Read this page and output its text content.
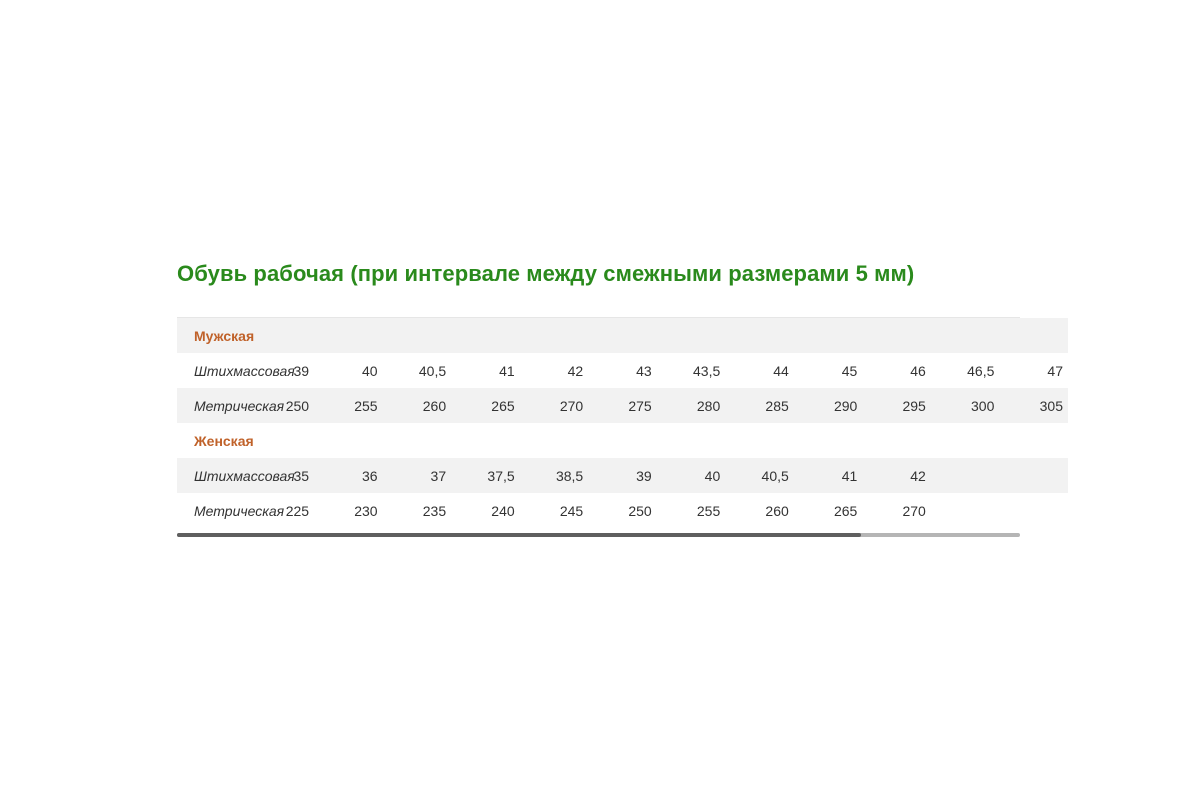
Обувь рабочая (при интервале между смежными размерами 5 мм)
Мужская												
Штихмассовая	39	40	40,5	41	42	43	43,5	44	45	46	46,5	47
Метрическая	250	255	260	265	270	275	280	285	290	295	300	305
Женская												
Штихмассовая	35	36	37	37,5	38,5	39	40	40,5	41	42		
Метрическая	225	230	235	240	245	250	255	260	265	270		
